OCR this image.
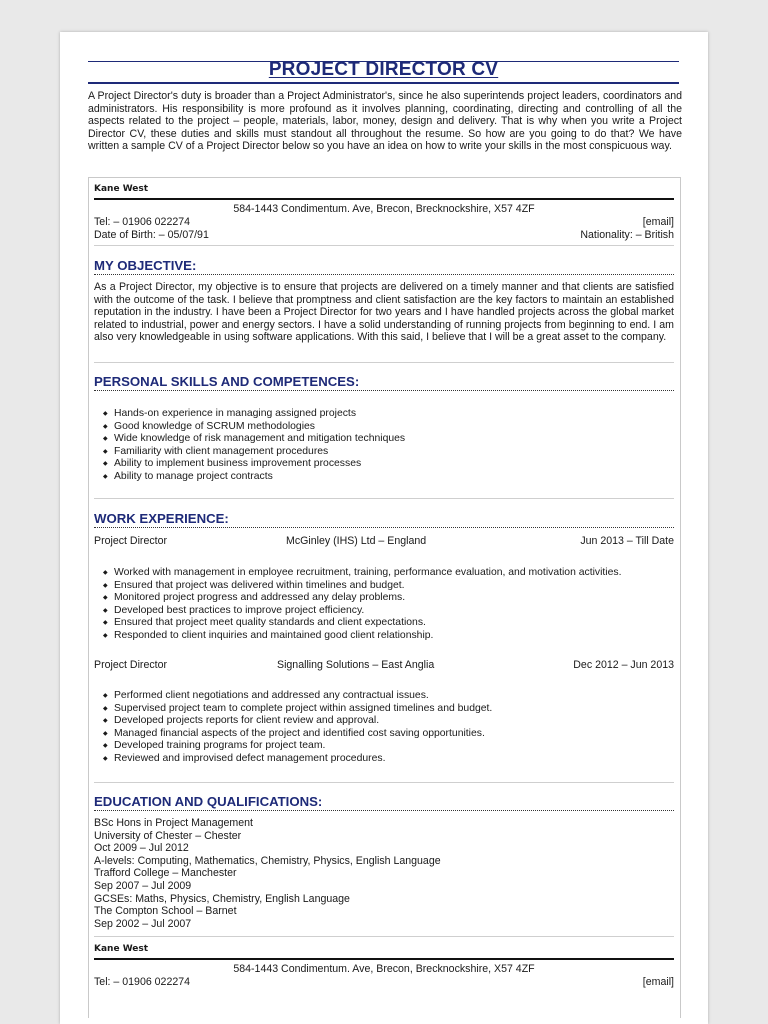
PROJECT DIRECTOR CV
A Project Director's duty is broader than a Project Administrator's, since he also superintends project leaders, coordinators and administrators. His responsibility is more profound as it involves planning, coordinating, directing and controlling of all the aspects related to the project – people, materials, labor, money, design and delivery. That is why when you write a Project Director CV, these duties and skills must standout all throughout the resume. So how are you going to do that? We have written a sample CV of a Project Director below so you have an idea on how to write your skills in the most conspicuous way.
Kane West
584-1443 Condimentum. Ave, Brecon, Brecknockshire, X57 4ZF
Tel: – 01906 022274	[email]
Date of Birth: – 05/07/91	Nationality: – British
MY OBJECTIVE:
As a Project Director, my objective is to ensure that projects are delivered on a timely manner and that clients are satisfied with the outcome of the task. I believe that promptness and client satisfaction are the key factors to maintain an established reputation in the industry. I have been a Project Director for two years and I have handled projects across the global market related to industrial, power and energy sectors. I have a solid understanding of running projects from beginning to end. I am also very knowledgeable in using software applications. With this said, I believe that I will be a great asset to the company.
PERSONAL SKILLS AND COMPETENCES:
◆ Hands-on experience in managing assigned projects
◆ Good knowledge of SCRUM methodologies
◆ Wide knowledge of risk management and mitigation techniques
◆ Familiarity with client management procedures
◆ Ability to implement business improvement processes
◆ Ability to manage project contracts
WORK EXPERIENCE:
Project Director	McGinley (IHS) Ltd – England	Jun 2013 – Till Date
◆ Worked with management in employee recruitment, training, performance evaluation, and motivation activities.
◆ Ensured that project was delivered within timelines and budget.
◆ Monitored project progress and addressed any delay problems.
◆ Developed best practices to improve project efficiency.
◆ Ensured that project meet quality standards and client expectations.
◆ Responded to client inquiries and maintained good client relationship.
Project Director	Signalling Solutions – East Anglia	Dec 2012 – Jun 2013
◆ Performed client negotiations and addressed any contractual issues.
◆ Supervised project team to complete project within assigned timelines and budget.
◆ Developed projects reports for client review and approval.
◆ Managed financial aspects of the project and identified cost saving opportunities.
◆ Developed training programs for project team.
◆ Reviewed and improvised defect management procedures.
EDUCATION AND QUALIFICATIONS:
BSc Hons in Project Management
University of Chester – Chester
Oct 2009 – Jul 2012
A-levels: Computing, Mathematics, Chemistry, Physics, English Language
Trafford College – Manchester
Sep 2007 – Jul 2009
GCSEs: Maths, Physics, Chemistry, English Language
The Compton School – Barnet
Sep 2002 – Jul 2007
Kane West
584-1443 Condimentum. Ave, Brecon, Brecknockshire, X57 4ZF
Tel: – 01906 022274	[email]
